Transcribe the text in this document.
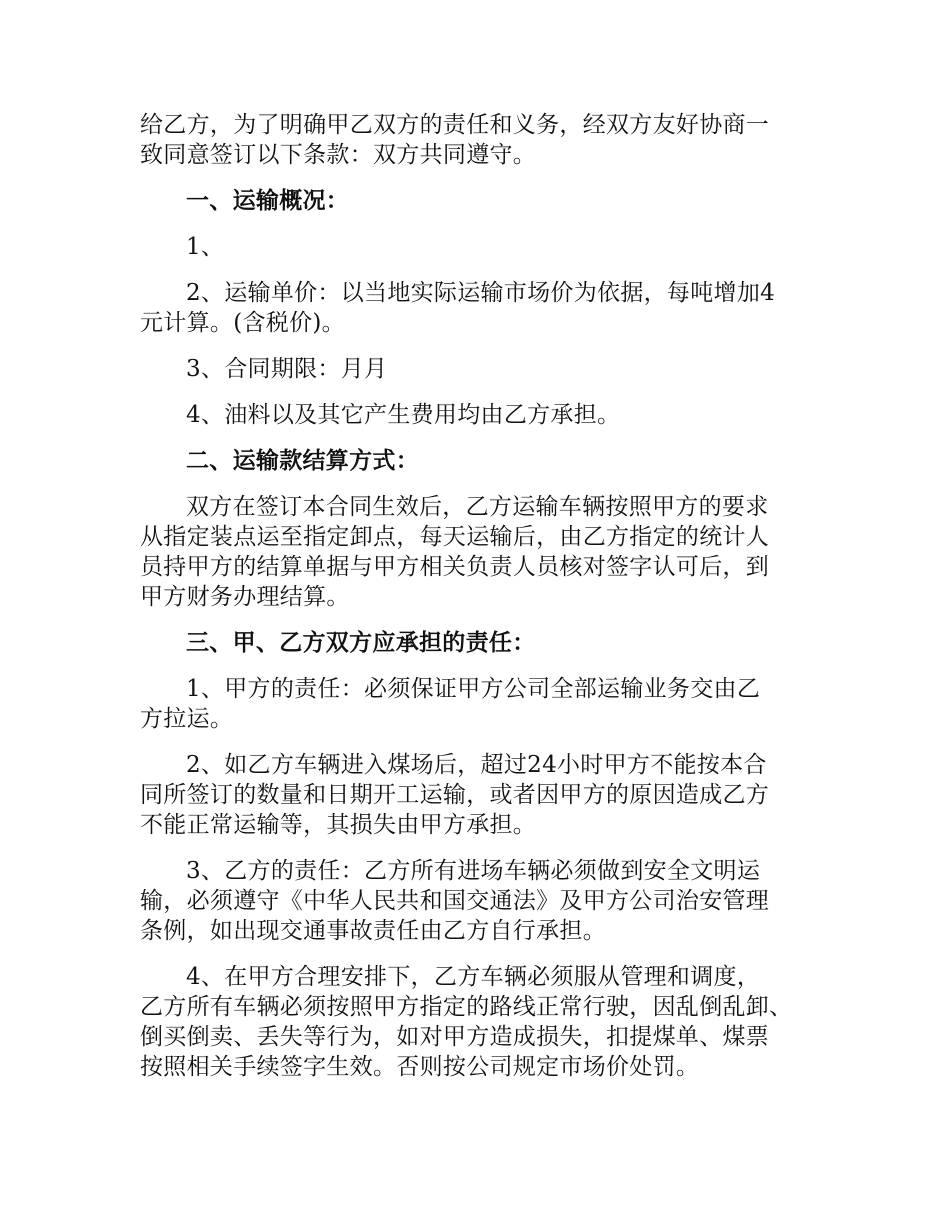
给乙方，为了明确甲乙双方的责任和义务，经双方友好协商一
致同意签订以下条款：双方共同遵守。

一、运输概况：

1、

2、运输单价：以当地实际运输市场价为依据，每吨增加4
元计算。(含税价)。

3、合同期限：月月

4、油料以及其它产生费用均由乙方承担。

二、运输款结算方式：

双方在签订本合同生效后，乙方运输车辆按照甲方的要求
从指定装点运至指定卸点，每天运输后，由乙方指定的统计人
员持甲方的结算单据与甲方相关负责人员核对签字认可后，到
甲方财务办理结算。

三、甲、乙方双方应承担的责任：

1、甲方的责任：必须保证甲方公司全部运输业务交由乙
方拉运。

2、如乙方车辆进入煤场后，超过24小时甲方不能按本合
同所签订的数量和日期开工运输，或者因甲方的原因造成乙方
不能正常运输等，其损失由甲方承担。

3、乙方的责任：乙方所有进场车辆必须做到安全文明运
输，必须遵守《中华人民共和国交通法》及甲方公司治安管理
条例，如出现交通事故责任由乙方自行承担。

4、在甲方合理安排下，乙方车辆必须服从管理和调度，
乙方所有车辆必须按照甲方指定的路线正常行驶，因乱倒乱卸、
倒买倒卖、丢失等行为，如对甲方造成损失，扣提煤单、煤票
按照相关手续签字生效。否则按公司规定市场价处罚。
